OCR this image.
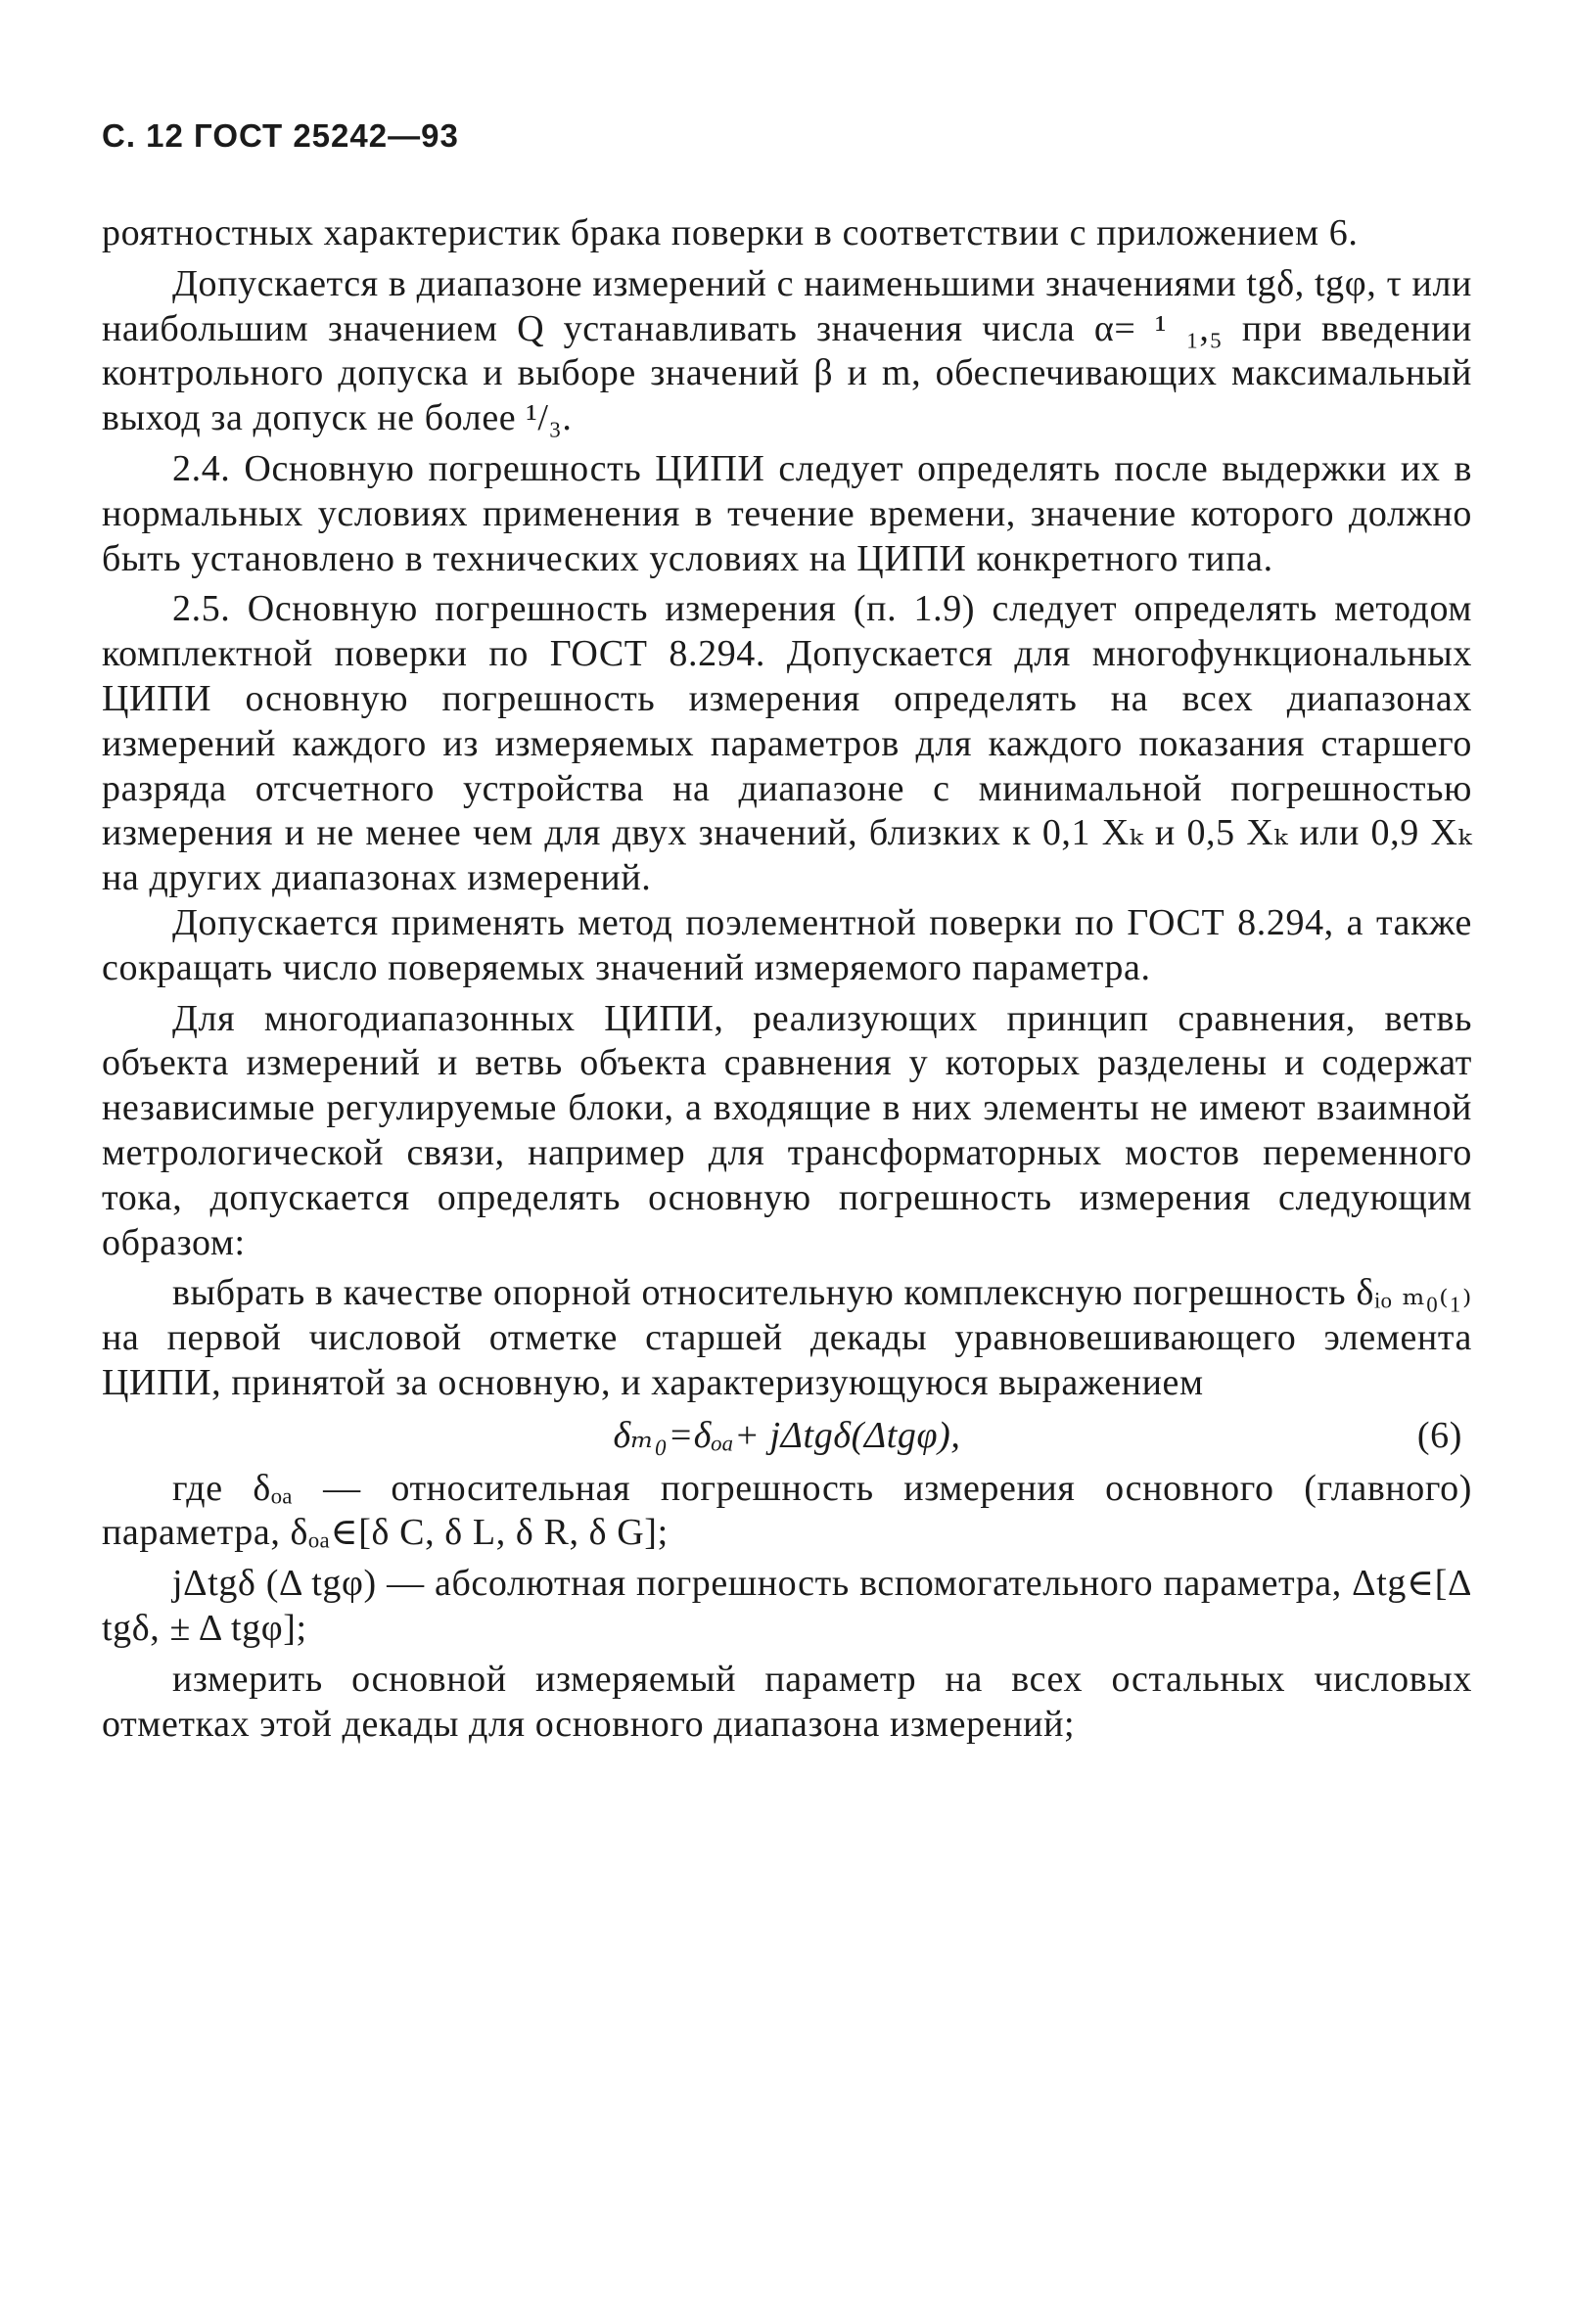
С. 12 ГОСТ 25242—93

роятностных характеристик брака поверки в соответствии с приложением 6.

Допускается в диапазоне измерений с наименьшими значениями tgδ, tgφ, τ или наибольшим значением Q устанавливать значения числа α= ¹ ₁,₅ при введении контрольного допуска и выборе значений β и m, обеспечивающих максимальный выход за допуск не более ¹/₃.

2.4. Основную погрешность ЦИПИ следует определять после выдержки их в нормальных условиях применения в течение времени, значение которого должно быть установлено в технических условиях на ЦИПИ конкретного типа.

2.5. Основную погрешность измерения (п. 1.9) следует определять методом комплектной поверки по ГОСТ 8.294. Допускается для многофункциональных ЦИПИ основную погрешность измерения определять на всех диапазонах измерений каждого из измеряемых параметров для каждого показания старшего разряда отсчетного устройства на диапазоне с минимальной погрешностью измерения и не менее чем для двух значений, близких к 0,1 Xₖ и 0,5 Xₖ или 0,9 Xₖ на других диапазонах измерений.

Допускается применять метод поэлементной поверки по ГОСТ 8.294, а также сокращать число поверяемых значений измеряемого параметра.

Для многодиапазонных ЦИПИ, реализующих принцип сравнения, ветвь объекта измерений и ветвь объекта сравнения у которых разделены и содержат независимые регулируемые блоки, а входящие в них элементы не имеют взаимной метрологической связи, например для трансформаторных мостов переменного тока, допускается определять основную погрешность измерения следующим образом:

выбрать в качестве опорной относительную комплексную погрешность δᵢₒ ₘ₀₍₁₎ на первой числовой отметке старшей декады уравновешивающего элемента ЦИПИ, принятой за основную, и характеризующуюся выражением

δₘ₀=δₒₐ+ jΔtgδ(Δtgφ),	(6)

где δₒₐ — относительная погрешность измерения основного (главного) параметра, δₒₐ∈[δ C, δ L, δ R, δ G];

jΔtgδ (Δ tgφ) — абсолютная погрешность вспомогательного параметра, Δtg∈[Δ tgδ, ± Δ tgφ];

измерить основной измеряемый параметр на всех остальных числовых отметках этой декады для основного диапазона измерений;
